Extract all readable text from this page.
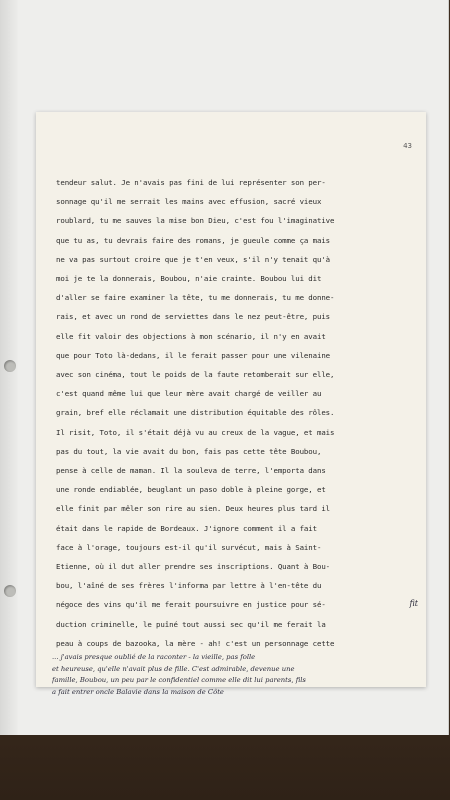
43
fit
tendeur salut. Je n'avais pas fini de lui représenter son per-
sonnage qu'il me serrait les mains avec effusion, sacré vieux
roublard, tu me sauves la mise bon Dieu, c'est fou l'imaginative
que tu as, tu devrais faire des romans, je gueule comme ça mais
ne va pas surtout croire que je t'en veux, s'il n'y tenait qu'à
moi je te la donnerais, Boubou, n'aie crainte. Boubou lui dit
d'aller se faire examiner la tête, tu me donnerais, tu me donne-
rais, et avec un rond de serviettes dans le nez peut-être, puis
elle fit valoir des objections à mon scénario, il n'y en avait
que pour Toto là-dedans, il le ferait passer pour une vilenaine
avec son cinéma, tout le poids de la faute retomberait sur elle,
c'est quand même lui que leur mère avait chargé de veiller au
grain, bref elle réclamait une distribution équitable des rôles.
Il risit, Toto, il s'était déjà vu au creux de la vague, et mais
pas du tout, la vie avait du bon, fais pas cette tête Boubou,
pense à celle de maman. Il la souleva de terre, l'emporta dans
une ronde endiablée, beuglant un paso doble à pleine gorge, et
elle finit par mêler son rire au sien. Deux heures plus tard il
était dans le rapide de Bordeaux. J'ignore comment il a fait
face à l'orage, toujours est-il qu'il survécut, mais à Saint-
Etienne, où il dut aller prendre ses inscriptions. Quant à Bou-
bou, l'aîné de ses frères l'informa par lettre à l'en-tête du
négoce des vins qu'il me ferait poursuivre en justice pour sé-
duction criminelle, le puîné tout aussi sec qu'il me ferait la
peau à coups de bazooka, la mère - ah! c'est un personnage cette
... j'avais presque oublié de la raconter - la vieille, pas folle
et heureuse, qu'elle n'avait plus de fille. C'est admirable, devenue une
famille, Boubou, un peu par le confidentiel comme elle dit lui parents, fils
a fait entrer oncle Balavie dans la maison de Côte
